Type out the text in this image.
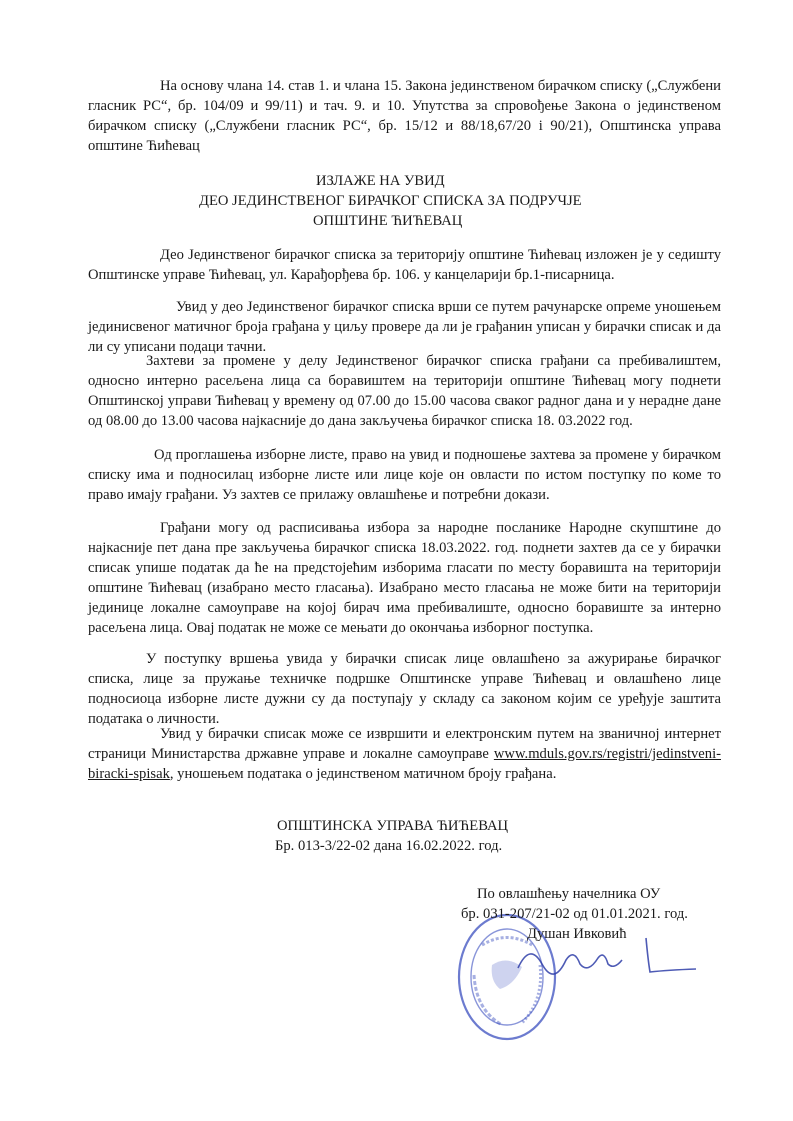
На основу члана 14. став 1. и члана 15. Закона јединственом бирачком списку („Службени гласник РС“, бр. 104/09 и 99/11) и тач. 9. и 10. Упутства за спровођење Закона о јединственом бирачком списку („Службени гласник РС“, бр. 15/12 и 88/18,67/20 i 90/21), Општинска управа општине Ћићевац

ИЗЛАЖЕ НА УВИД

ДЕО ЈЕДИНСТВЕНОГ БИРАЧКОГ СПИСКА ЗА ПОДРУЧЈЕ

ОПШТИНЕ ЋИЋЕВАЦ

Део Јединственог бирачког списка за територију општине Ћићевац изложен је у седишту Општинске управе Ћићевац, ул. Карађорђева бр. 106. у канцеларији бр.1-писарница.

Увид у део Јединственог бирачког списка врши се путем рачунарске опреме уношењем јединисвеног матичног броја грађана у циљу провере да ли је грађанин уписан у бирачки списак и да ли су уписани подаци тачни.

Захтеви за промене у делу Јединственог бирачког списка грађани са пребивалиштем, односно интерно расељена лица са боравиштем на територији општине Ћићевац могу поднети Општинској управи Ћићевац у времену од 07.00 до 15.00 часова сваког радног дана и у нерадне дане од 08.00 до 13.00 часова најкасније до дана закључења бирачког списка 18. 03.2022 год.

Од проглашења изборне листе, право на увид и подношење захтева за промене у бирачком списку има и подносилац изборне листе или лице које он овласти по истом поступку по коме то право имају грађани. Уз захтев се прилажу овлашћење и потребни докази.

Грађани могу од расписивања избора за народне посланике Народне скупштине до најкасније пет дана пре закључења бирачког списка 18.03.2022. год. поднети захтев да се у бирачки списак упише податак да ће на предстојећим изборима гласати по месту боравишта на територији општине Ћићевац (изабрано место гласања). Изабрано место гласања не може бити на територији јединице локалне самоуправе на којој бирач има пребивалиште, односно боравиште за интерно расељена лица. Овај податак не може се мењати до окончања изборног поступка.

У поступку вршења увида у бирачки списак лице овлашћено за ажурирање бирачког списка, лице за пружање техничке подршке Општинске управе Ћићевац и овлашћено лице подносиоца изборне листе дужни су да поступају у складу са законом којим се уређује заштита података о личности.

Увид у бирачки списак може се извршити и електронским путем на званичној интернет страници Министарства државне управе и локалне самоуправе www.mduls.gov.rs/registri/jedinstveni-biracki-spisak, уношењем података о јединственом матичном броју грађана.

ОПШТИНСКА УПРАВА ЋИЋЕВАЦ

Бр. 013-3/22-02 дана 16.02.2022. год.

По овлашћењу начелника ОУ

бр. 031-207/21-02 од 01.01.2021. год.

Душан Ивковић
